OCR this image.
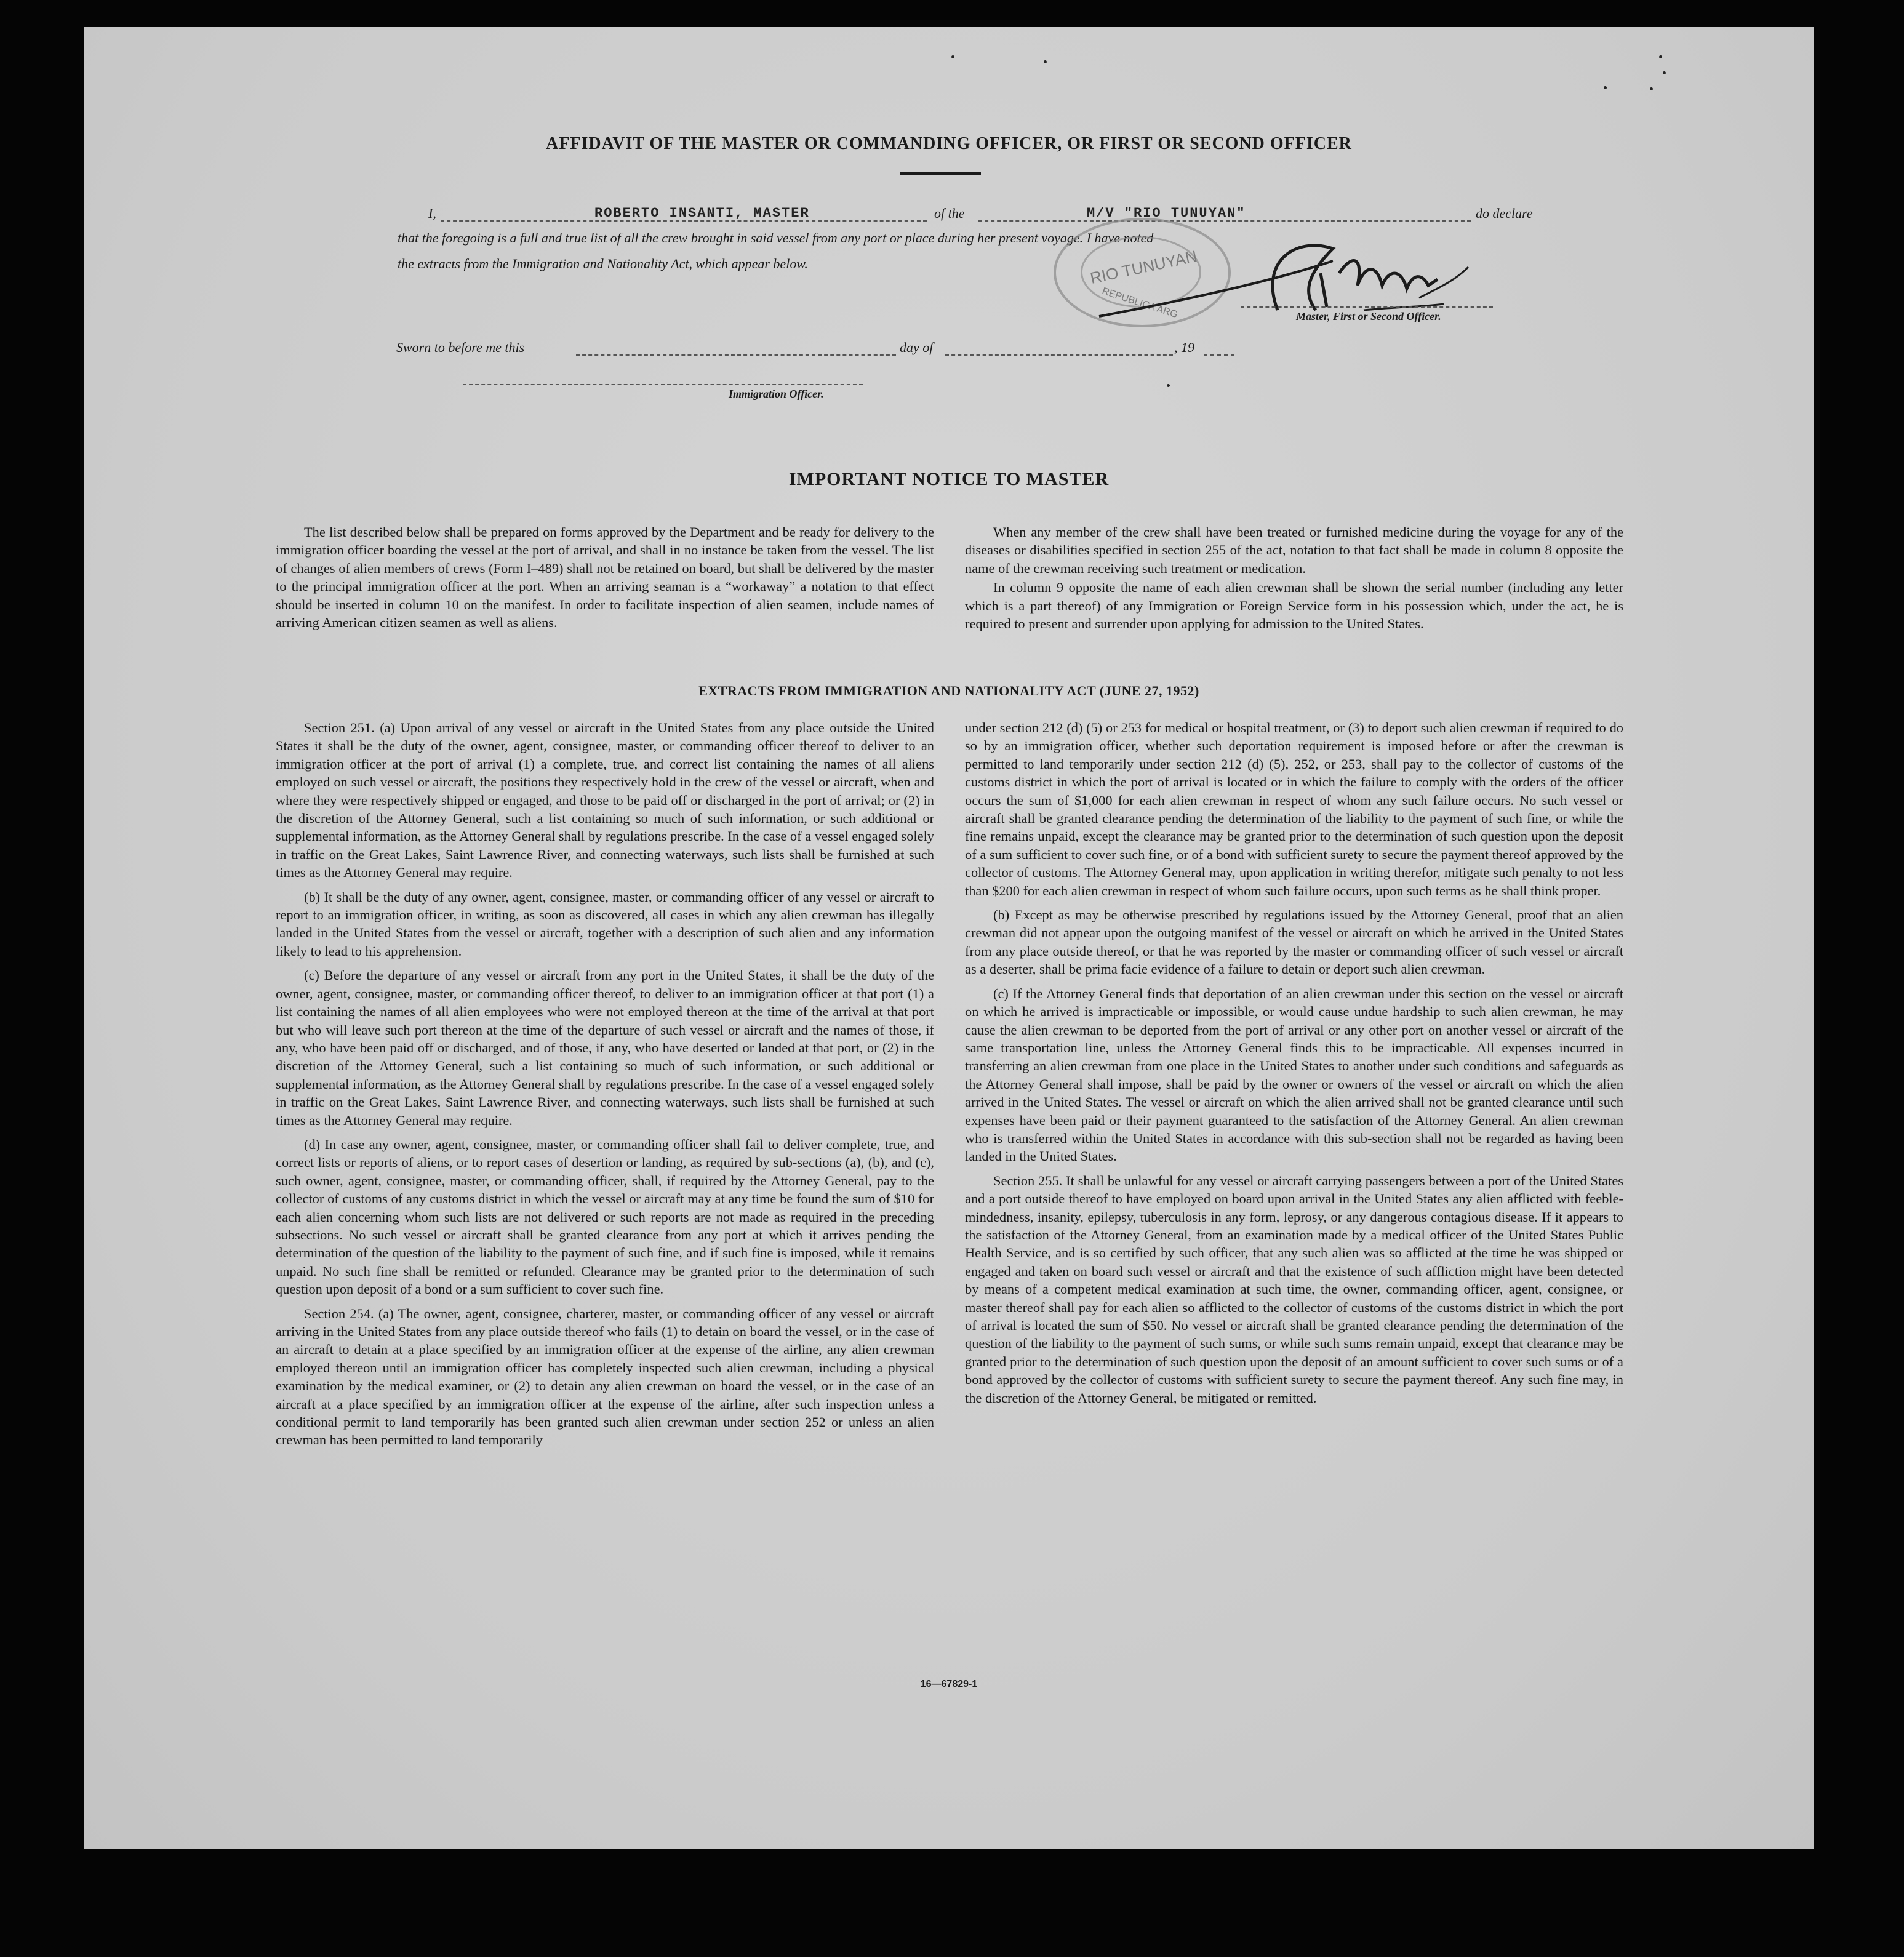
AFFIDAVIT OF THE MASTER OR COMMANDING OFFICER, OR FIRST OR SECOND OFFICER
I,	ROBERTO INSANTI, MASTER	of the	M/V "RIO TUNUYAN"	do declare
that the foregoing is a full and true list of all the crew brought in said vessel from any port or place during her present voyage. I have noted
the extracts from the Immigration and Nationality Act, which appear below.	RIO TUNUYAN
REPUBLICA ARG	Master, First or Second Officer.
Sworn to before me this	day of	, 19
Immigration Officer.
IMPORTANT NOTICE TO MASTER

The list described below shall be prepared on forms approved by the Department and be ready for delivery to the immigration officer boarding the vessel at the port of arrival, and shall in no instance be taken from the vessel. The list of changes of alien members of crews (Form I–489) shall not be retained on board, but shall be delivered by the master to the principal immigration officer at the port. When an arriving seaman is a “workaway” a notation to that effect should be inserted in column 10 on the manifest. In order to facilitate inspection of alien seamen, include names of arriving American citizen seamen as well as aliens.

When any member of the crew shall have been treated or furnished medicine during the voyage for any of the diseases or disabilities specified in section 255 of the act, notation to that fact shall be made in column 8 opposite the name of the crewman receiving such treatment or medication.

In column 9 opposite the name of each alien crewman shall be shown the serial number (including any letter which is a part thereof) of any Immigration or Foreign Service form in his possession which, under the act, he is required to present and surrender upon applying for admission to the United States.

EXTRACTS FROM IMMIGRATION AND NATIONALITY ACT (JUNE 27, 1952)

Section 251. (a) Upon arrival of any vessel or aircraft in the United States from any place outside the United States it shall be the duty of the owner, agent, consignee, master, or commanding officer thereof to deliver to an immigration officer at the port of arrival (1) a complete, true, and correct list containing the names of all aliens employed on such vessel or aircraft, the positions they respectively hold in the crew of the vessel or aircraft, when and where they were respectively shipped or engaged, and those to be paid off or discharged in the port of arrival; or (2) in the discretion of the Attorney General, such a list containing so much of such information, or such additional or supplemental information, as the Attorney General shall by regulations prescribe. In the case of a vessel engaged solely in traffic on the Great Lakes, Saint Lawrence River, and connecting waterways, such lists shall be furnished at such times as the Attorney General may require.

(b) It shall be the duty of any owner, agent, consignee, master, or commanding officer of any vessel or aircraft to report to an immigration officer, in writing, as soon as discovered, all cases in which any alien crewman has illegally landed in the United States from the vessel or aircraft, together with a description of such alien and any information likely to lead to his apprehension.

(c) Before the departure of any vessel or aircraft from any port in the United States, it shall be the duty of the owner, agent, consignee, master, or commanding officer thereof, to deliver to an immigration officer at that port (1) a list containing the names of all alien employees who were not employed thereon at the time of the arrival at that port but who will leave such port thereon at the time of the departure of such vessel or aircraft and the names of those, if any, who have been paid off or discharged, and of those, if any, who have deserted or landed at that port, or (2) in the discretion of the Attorney General, such a list containing so much of such information, or such additional or supplemental information, as the Attorney General shall by regulations prescribe. In the case of a vessel engaged solely in traffic on the Great Lakes, Saint Lawrence River, and connecting waterways, such lists shall be furnished at such times as the Attorney General may require.

(d) In case any owner, agent, consignee, master, or commanding officer shall fail to deliver complete, true, and correct lists or reports of aliens, or to report cases of desertion or landing, as required by sub-sections (a), (b), and (c), such owner, agent, consignee, master, or commanding officer, shall, if required by the Attorney General, pay to the collector of customs of any customs district in which the vessel or aircraft may at any time be found the sum of $10 for each alien concerning whom such lists are not delivered or such reports are not made as required in the preceding subsections. No such vessel or aircraft shall be granted clearance from any port at which it arrives pending the determination of the question of the liability to the payment of such fine, and if such fine is imposed, while it remains unpaid. No such fine shall be remitted or refunded. Clearance may be granted prior to the determination of such question upon deposit of a bond or a sum sufficient to cover such fine.

Section 254. (a) The owner, agent, consignee, charterer, master, or commanding officer of any vessel or aircraft arriving in the United States from any place outside thereof who fails (1) to detain on board the vessel, or in the case of an aircraft to detain at a place specified by an immigration officer at the expense of the airline, any alien crewman employed thereon until an immigration officer has completely inspected such alien crewman, including a physical examination by the medical examiner, or (2) to detain any alien crewman on board the vessel, or in the case of an aircraft at a place specified by an immigration officer at the expense of the airline, after such inspection unless a conditional permit to land temporarily has been granted such alien crewman under section 252 or unless an alien crewman has been permitted to land temporarily

under section 212 (d) (5) or 253 for medical or hospital treatment, or (3) to deport such alien crewman if required to do so by an immigration officer, whether such deportation requirement is imposed before or after the crewman is permitted to land temporarily under section 212 (d) (5), 252, or 253, shall pay to the collector of customs of the customs district in which the port of arrival is located or in which the failure to comply with the orders of the officer occurs the sum of $1,000 for each alien crewman in respect of whom any such failure occurs. No such vessel or aircraft shall be granted clearance pending the determination of the liability to the payment of such fine, or while the fine remains unpaid, except the clearance may be granted prior to the determination of such question upon the deposit of a sum sufficient to cover such fine, or of a bond with sufficient surety to secure the payment thereof approved by the collector of customs. The Attorney General may, upon application in writing therefor, mitigate such penalty to not less than $200 for each alien crewman in respect of whom such failure occurs, upon such terms as he shall think proper.

(b) Except as may be otherwise prescribed by regulations issued by the Attorney General, proof that an alien crewman did not appear upon the outgoing manifest of the vessel or aircraft on which he arrived in the United States from any place outside thereof, or that he was reported by the master or commanding officer of such vessel or aircraft as a deserter, shall be prima facie evidence of a failure to detain or deport such alien crewman.

(c) If the Attorney General finds that deportation of an alien crewman under this section on the vessel or aircraft on which he arrived is impracticable or impossible, or would cause undue hardship to such alien crewman, he may cause the alien crewman to be deported from the port of arrival or any other port on another vessel or aircraft of the same transportation line, unless the Attorney General finds this to be impracticable. All expenses incurred in transferring an alien crewman from one place in the United States to another under such conditions and safeguards as the Attorney General shall impose, shall be paid by the owner or owners of the vessel or aircraft on which the alien arrived in the United States. The vessel or aircraft on which the alien arrived shall not be granted clearance until such expenses have been paid or their payment guaranteed to the satisfaction of the Attorney General. An alien crewman who is transferred within the United States in accordance with this sub-section shall not be regarded as having been landed in the United States.

Section 255. It shall be unlawful for any vessel or aircraft carrying passengers between a port of the United States and a port outside thereof to have employed on board upon arrival in the United States any alien afflicted with feeble-mindedness, insanity, epilepsy, tuberculosis in any form, leprosy, or any dangerous contagious disease. If it appears to the satisfaction of the Attorney General, from an examination made by a medical officer of the United States Public Health Service, and is so certified by such officer, that any such alien was so afflicted at the time he was shipped or engaged and taken on board such vessel or aircraft and that the existence of such affliction might have been detected by means of a competent medical examination at such time, the owner, commanding officer, agent, consignee, or master thereof shall pay for each alien so afflicted to the collector of customs of the customs district in which the port of arrival is located the sum of $50. No vessel or aircraft shall be granted clearance pending the determination of the question of the liability to the payment of such sums, or while such sums remain unpaid, except that clearance may be granted prior to the determination of such question upon the deposit of an amount sufficient to cover such sums or of a bond approved by the collector of customs with sufficient surety to secure the payment thereof. Any such fine may, in the discretion of the Attorney General, be mitigated or remitted.

16—67829-1
